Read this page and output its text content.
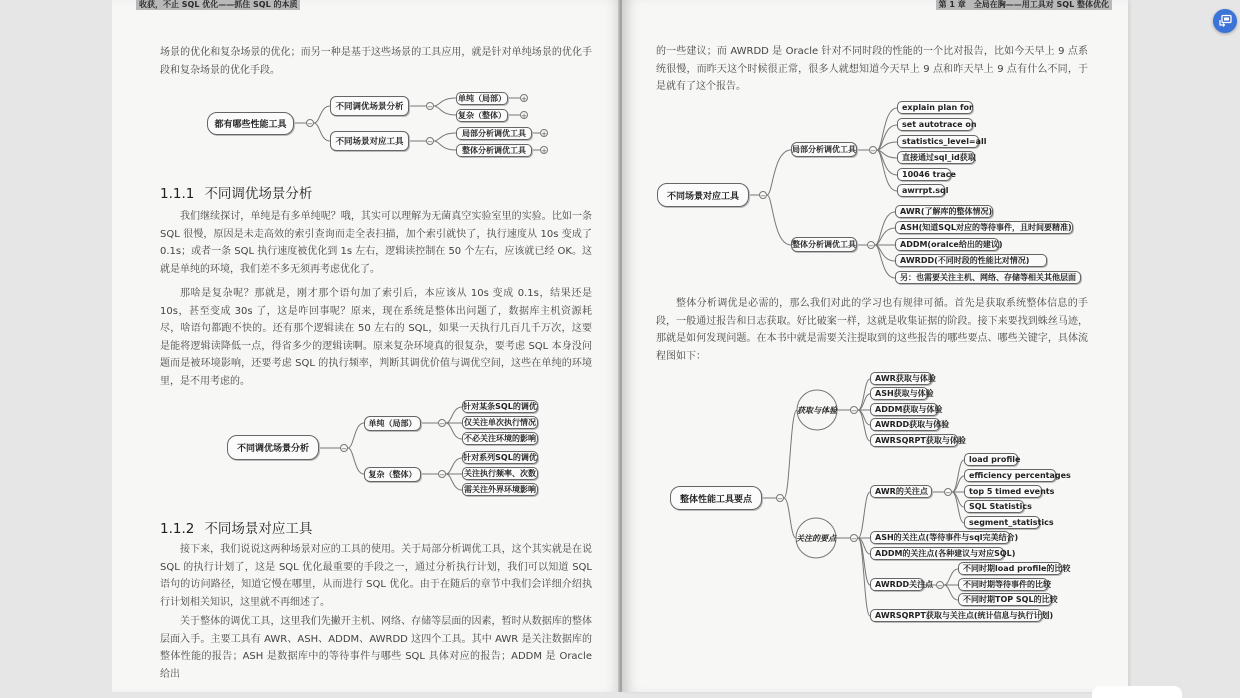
收获，不止 SQL 优化——抓住 SQL 的本质

场景的优化和复杂场景的优化；而另一种是基于这些场景的工具应用，就是针对单纯场景的优化手段和复杂场景的优化手段。

都有哪些性能工具	−
不同调优场景分析
不同场景对应工具
−
−
单纯（局部）
复杂（整体）
局部分析调优工具
整体分析调优工具
+
+
+
+
1.1.1 不同调优场景分析

我们继续探讨，单纯是有多单纯呢？哦，其实可以理解为无菌真空实验室里的实验。比如一条 SQL 很慢，原因是未走高效的索引查询而走全表扫描，加个索引就快了，执行速度从 10s 变成了 0.1s；或者一条 SQL 执行速度被优化到 1s 左右，逻辑读控制在 50 个左右，应该就已经 OK。这就是单纯的环境，我们差不多无须再考虑优化了。

那啥是复杂呢？那就是，刚才那个语句加了索引后，本应该从 10s 变成 0.1s，结果还是 10s，甚至变成 30s 了，这是咋回事呢？原来，现在系统是整体出问题了，数据库主机资源耗尽，啥语句都跑不快的。还有那个逻辑读在 50 左右的 SQL，如果一天执行几百几千万次，这要是能将逻辑读降低一点，得省多少的逻辑读啊。原来复杂环境真的很复杂，要考虑 SQL 本身没问题而是被环境影响，还要考虑 SQL 的执行频率，判断其调优价值与调优空间，这些在单纯的环境里，是不用考虑的。

不同调优场景分析	−
单纯（局部）
复杂（整体）
−
−
针对某条SQL的调优
仅关注单次执行情况
不必关注环境的影响
针对系列SQL的调优
关注执行频率、次数
需关注外界环境影响
1.1.2 不同场景对应工具

接下来，我们说说这两种场景对应的工具的使用。关于局部分析调优工具，这个其实就是在说 SQL 的执行计划了，这是 SQL 优化最重要的手段之一，通过分析执行计划，我们可以知道 SQL 语句的访问路径，知道它慢在哪里，从而进行 SQL 优化。由于在随后的章节中我们会详细介绍执行计划相关知识，这里就不再细述了。

关于整体的调优工具，这里我们先撇开主机、网络、存储等层面的因素，暂时从数据库的整体层面入手。主要工具有 AWR、ASH、ADDM、AWRDD 这四个工具。其中 AWR 是关注数据库的整体性能的报告；ASH 是数据库中的等待事件与哪些 SQL 具体对应的报告；ADDM 是 Oracle 给出

第 1 章　全局在胸——用工具对 SQL 整体优化

的一些建议；而 AWRDD 是 Oracle 针对不同时段的性能的一个比对报告，比如今天早上 9 点系统很慢，而昨天这个时候很正常，很多人就想知道今天早上 9 点和昨天早上 9 点有什么不同，于是就有了这个报告。

不同场景对应工具	−
局部分析调优工具
整体分析调优工具
−
−
explain plan for
set autotrace on
statistics_level=all
直接通过sql_id获取
10046 trace
awrrpt.sql
AWR(了解库的整体情况)
ASH(知道SQL对应的等待事件，且时间要精准)
ADDM(oralce给出的建议)
AWRDD(不同时段的性能比对情况)
另：也需要关注主机、网络、存储等相关其他层面

整体分析调优是必需的，那么我们对此的学习也有规律可循。首先是获取系统整体信息的手段，一般通过报告和日志获取。好比破案一样，这就是收集证据的阶段。接下来要找到蛛丝马迹，那就是如何发现问题。在本书中就是需要关注提取到的这些报告的哪些要点、哪些关键字，具体流程图如下：

整体性能工具要点	−
获取与体验
关注的要点
−
−
AWR获取与体验
ASH获取与体验
ADDM获取与体验
AWRDD获取与体验
AWRSQRPT获取与体验
AWR的关注点	−
load profile
efficiency percentages
top 5 timed events
SQL Statistics
segment_statistics
ASH的关注点(等待事件与sql完美结合)
ADDM的关注点(各种建议与对应SQL)
AWRDD关注点 −
不同时期load profile的比较
不同时期等待事件的比较
不同时期TOP SQL的比较
AWRSQRPT获取与关注点(统计信息与执行计划)
